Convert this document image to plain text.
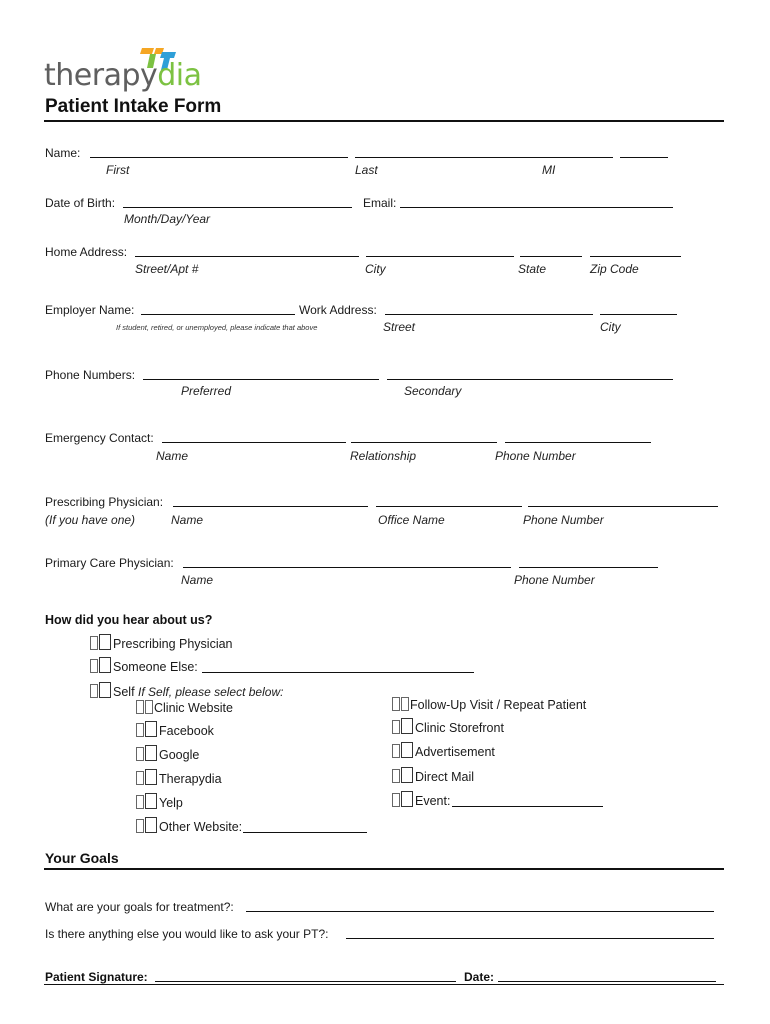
therapydia
Patient Intake Form
Name:
First	Last	MI
Date of Birth:
Month/Day/Year
Email:
Home Address:
Street/Apt #	City	State	Zip Code
Employer Name:	Work Address:
If student, retired, or unemployed, please indicate that above	Street	City
Phone Numbers:
Preferred	Secondary
Emergency Contact:
Name	Relationship	Phone Number
Prescribing Physician:
(If you have one)	Name	Office Name	Phone Number
Primary Care Physician:
Name	Phone Number
How did you hear about us?
Prescribing Physician
Someone Else:
Self If Self, please select below:
Clinic Website
Facebook
Google
Therapydia
Yelp
Other Website:
Follow-Up Visit / Repeat Patient
Clinic Storefront
Advertisement
Direct Mail
Event:
Your Goals
What are your goals for treatment?:
Is there anything else you would like to ask your PT?:
Patient Signature:	Date:
